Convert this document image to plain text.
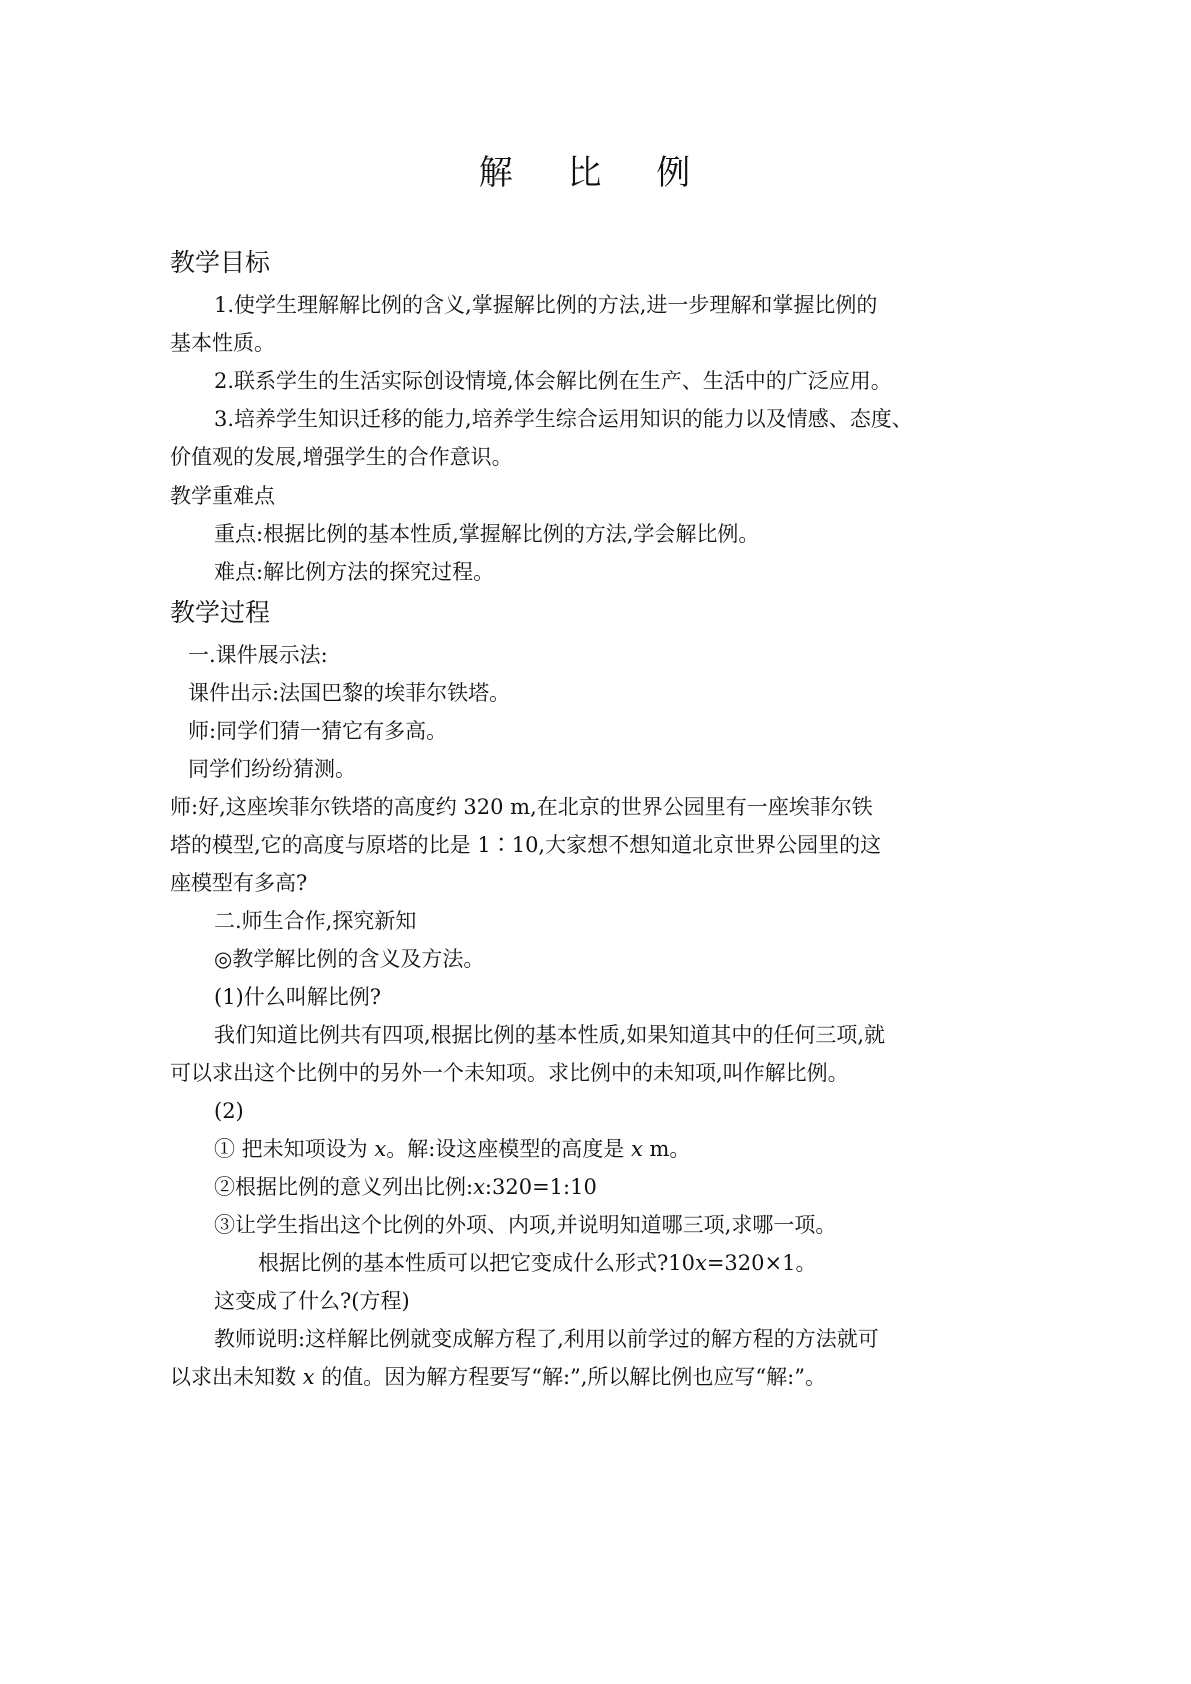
解 比 例
教学目标
1.使学生理解解比例的含义,掌握解比例的方法,进一步理解和掌握比例的
基本性质。
2.联系学生的生活实际创设情境,体会解比例在生产、生活中的广泛应用。
3.培养学生知识迁移的能力,培养学生综合运用知识的能力以及情感、态度、
价值观的发展,增强学生的合作意识。
教学重难点
重点:根据比例的基本性质,掌握解比例的方法,学会解比例。
难点:解比例方法的探究过程。
教学过程
一.课件展示法:
课件出示:法国巴黎的埃菲尔铁塔。
师:同学们猜一猜它有多高。
同学们纷纷猜测。
师:好,这座埃菲尔铁塔的高度约 320 m,在北京的世界公园里有一座埃菲尔铁
塔的模型,它的高度与原塔的比是 1∶10,大家想不想知道北京世界公园里的这
座模型有多高?
二.师生合作,探究新知
◎教学解比例的含义及方法。
(1)什么叫解比例?
我们知道比例共有四项,根据比例的基本性质,如果知道其中的任何三项,就
可以求出这个比例中的另外一个未知项。求比例中的未知项,叫作解比例。
(2)
① 把未知项设为 x。解:设这座模型的高度是 x m。
②根据比例的意义列出比例:x:320=1:10
③让学生指出这个比例的外项、内项,并说明知道哪三项,求哪一项。
根据比例的基本性质可以把它变成什么形式?10x=320×1。
这变成了什么?(方程)
教师说明:这样解比例就变成解方程了,利用以前学过的解方程的方法就可
以求出未知数 x 的值。因为解方程要写“解:”,所以解比例也应写“解:”。
